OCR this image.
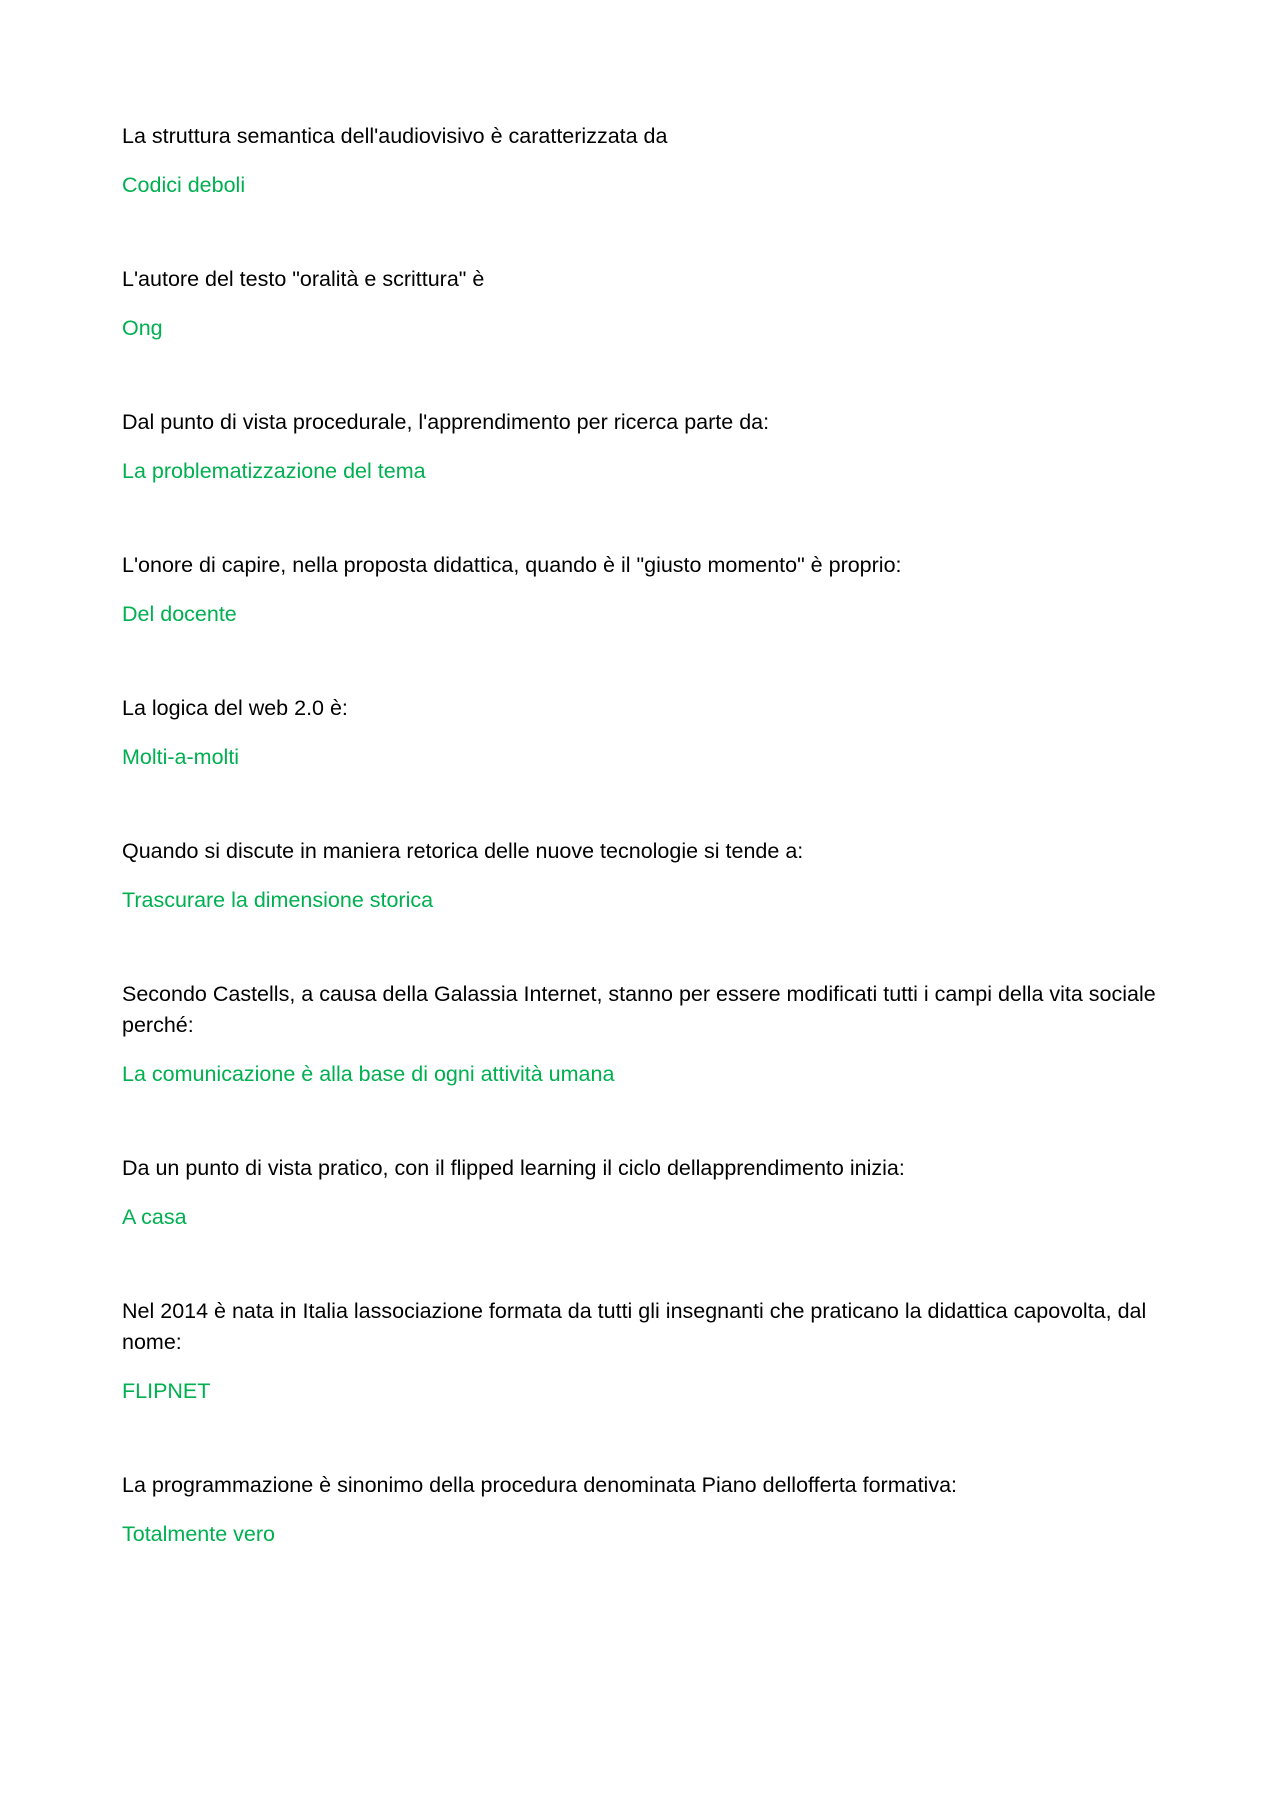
La struttura semantica dell'audiovisivo è caratterizzata da

Codici deboli

L'autore del testo "oralità e scrittura" è

Ong

Dal punto di vista procedurale, l'apprendimento per ricerca parte da:

La problematizzazione del tema

L'onore di capire, nella proposta didattica, quando è il "giusto momento" è proprio:

Del docente

La logica del web 2.0 è:

Molti-a-molti

Quando si discute in maniera retorica delle nuove tecnologie si tende a:

Trascurare la dimensione storica

Secondo Castells, a causa della Galassia Internet, stanno per essere modificati tutti i campi della vita sociale perché:

La comunicazione è alla base di ogni attività umana

Da un punto di vista pratico, con il flipped learning il ciclo dellapprendimento inizia:

A casa

Nel 2014 è nata in Italia lassociazione formata da tutti gli insegnanti che praticano la didattica capovolta, dal nome:

FLIPNET

La programmazione è sinonimo della procedura denominata Piano dellofferta formativa:

Totalmente vero
